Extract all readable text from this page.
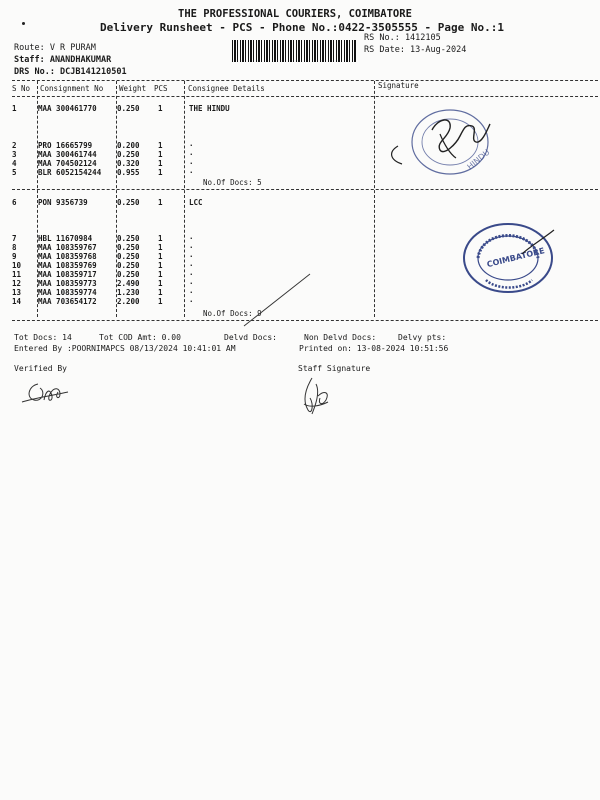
THE PROFESSIONAL COURIERS, COIMBATORE
Delivery Runsheet - PCS - Phone No.:0422-3505555 - Page No.:1
Route: V R PURAM
Staff: ANANDHAKUMAR
DRS No.: DCJB141210501
RS No.: 1412105
RS Date: 13-Aug-2024
S No Consignment No Weight PCS	Consignee Details	Signature
1	MAA 300461770	0.250 1	THE HINDU
2	PRO 16665799	0.200 1	.
3	MAA 300461744	0.250 1	.
4	MAA 704502124	0.320 1	.
5	BLR 6052154244 0.955 1	.
No.Of Docs: 5
6	PON 9356739	0.250 1	LCC
7	HBL 11670984	0.250 1	.
8	MAA 108359767	0.250 1	.
9	MAA 108359768	0.250 1	.
10 MAA 108359769	0.250 1	.
11 MAA 108359717	0.250 1	.
12 MAA 108359773	2.490 1	.
13 MAA 108359774	1.230 1	.
14 MAA 703654172	2.200 1	.
No.Of Docs: 9
Tot Docs: 14	Tot COD Amt: 0.00	Delvd Docs:	Non Delvd Docs:	Delvy pts:
Entered By :POORNIMAPCS 08/13/2024 10:41:01 AM	Printed on: 13-08-2024 10:51:56
Verified By	Staff Signature
HINDU
COIMBATORE
